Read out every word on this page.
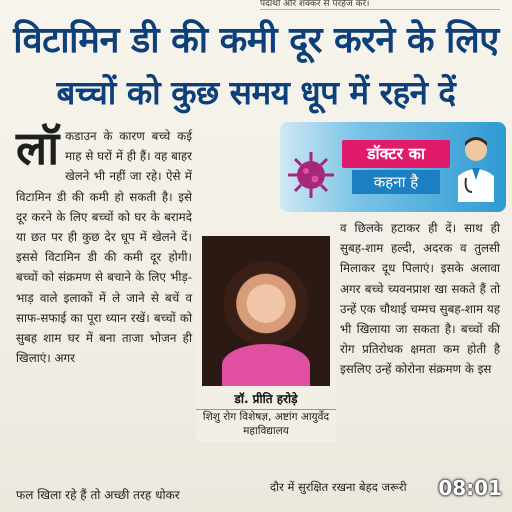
पदार्थों और शक्कर से परहेज करें।
विटामिन डी की कमी दूर करने के लिए
बच्चों को कुछ समय धूप में रहने दें
लॉ कडाउन के कारण बच्चे कई माह से घरों में ही हैं। वह बाहर खेलने भी नहीं जा रहे। ऐसे में विटामिन डी की कमी हो सकती है। इसे दूर करने के लिए बच्चों को घर के बरामदे या छत पर ही कुछ देर धूप में खेलने दें। इससे विटामिन डी की कमी दूर होगी। बच्चों को संक्रमण से बचाने के लिए भीड़-भाड़ वाले इलाकों में ले जाने से बचें व साफ-सफाई का पूरा ध्यान रखें। बच्चों को सुबह शाम घर में बना ताजा भोजन ही खिलाएं। अगर
डॉक्टर का
कहना है
डॉ. प्रीति हरोड़े
शिशु रोग विशेषज्ञ, अष्टांग आयुर्वेद महाविद्यालय
व छिलके हटाकर ही दें। साथ ही सुबह-शाम हल्दी, अदरक व तुलसी मिलाकर दूध पिलाएं। इसके अलावा अगर बच्चे च्यवनप्राश खा सकते हैं तो उन्हें एक चौथाई चम्मच सुबह-शाम यह भी खिलाया जा सकता है। बच्चों की रोग प्रतिरोधक क्षमता कम होती है इसलिए उन्हें कोरोना संक्रमण के इस
फल खिला रहे हैं तो अच्छी तरह धोकर
दौर में सुरक्षित रखना बेहद जरूरी 08:01
